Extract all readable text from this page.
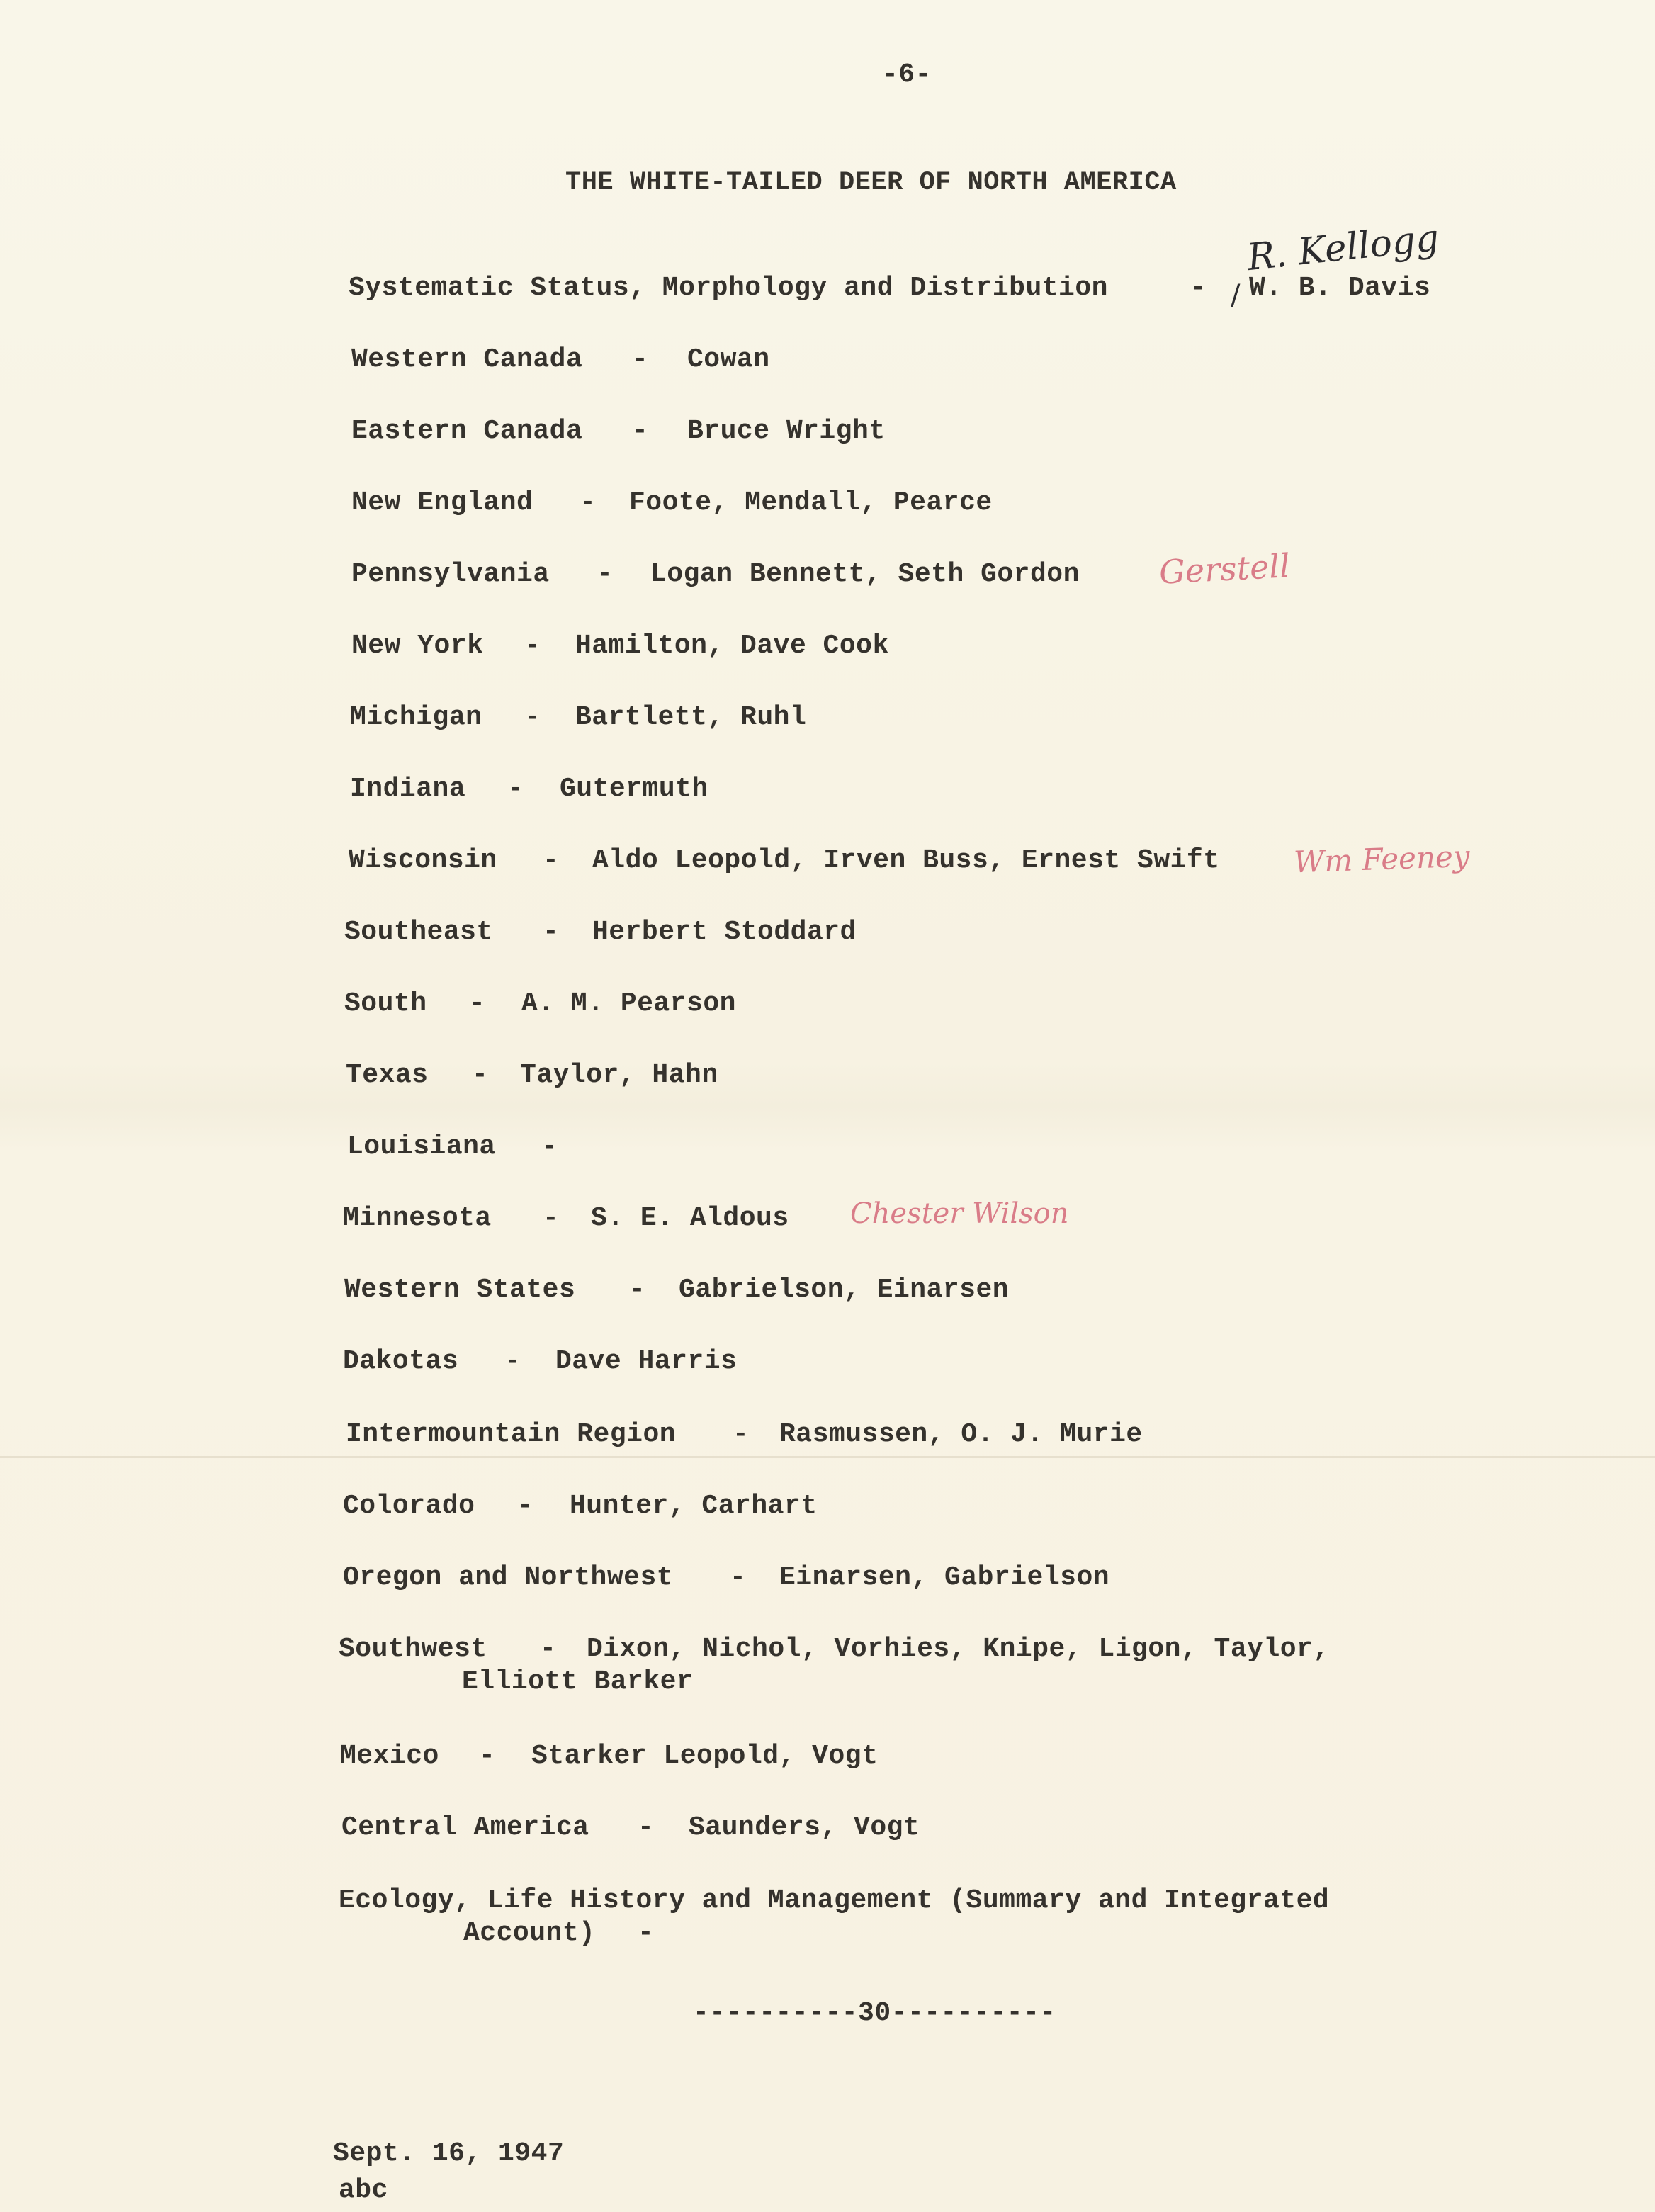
-6-
THE WHITE-TAILED DEER OF NORTH AMERICA
Systematic Status, Morphology and Distribution	- W. B. Davis
/
R. Kellogg
Western Canada - Cowan
Eastern Canada - Bruce Wright
New England - Foote, Mendall, Pearce
Pennsylvania - Logan Bennett, Seth Gordon Gerstell
New York - Hamilton, Dave Cook
Michigan - Bartlett, Ruhl
Indiana - Gutermuth
Wisconsin - Aldo Leopold, Irven Buss, Ernest Swift Wm Feeney
Southeast - Herbert Stoddard
South - A. M. Pearson
Texas - Taylor, Hahn
Louisiana -
Minnesota - S. E. Aldous Chester Wilson
Western States - Gabrielson, Einarsen
Dakotas - Dave Harris
Intermountain Region - Rasmussen, O. J. Murie
Colorado - Hunter, Carhart
Oregon and Northwest - Einarsen, Gabrielson
Southwest - Dixon, Nichol, Vorhies, Knipe, Ligon, Taylor,
Elliott Barker
Mexico - Starker Leopold, Vogt
Central America - Saunders, Vogt
Ecology, Life History and Management (Summary and Integrated
Account) -
----------30----------
Sept. 16, 1947
abc
